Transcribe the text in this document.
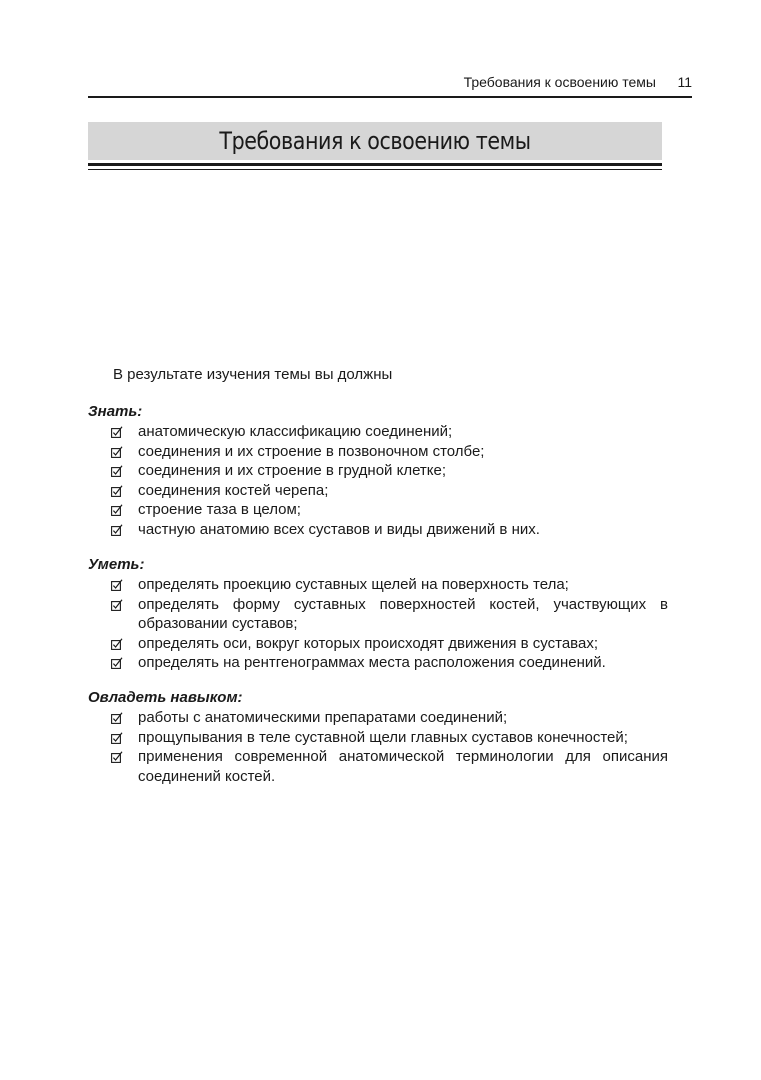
Требования к освоению темы 11
Требования к освоению темы
В результате изучения темы вы должны
Знать:
анатомическую классификацию соединений;
соединения и их строение в позвоночном столбе;
соединения и их строение в грудной клетке;
соединения костей черепа;
строение таза в целом;
частную анатомию всех суставов и виды движений в них.
Уметь:
определять проекцию суставных щелей на поверхность тела;
определять форму суставных поверхностей костей, участвующих в образовании суставов;
определять оси, вокруг которых происходят движения в суставах;
определять на рентгенограммах места расположения соединений.
Овладеть навыком:
работы с анатомическими препаратами соединений;
прощупывания в теле суставной щели главных суставов конечностей;
применения современной анатомической терминологии для описания соединений костей.
